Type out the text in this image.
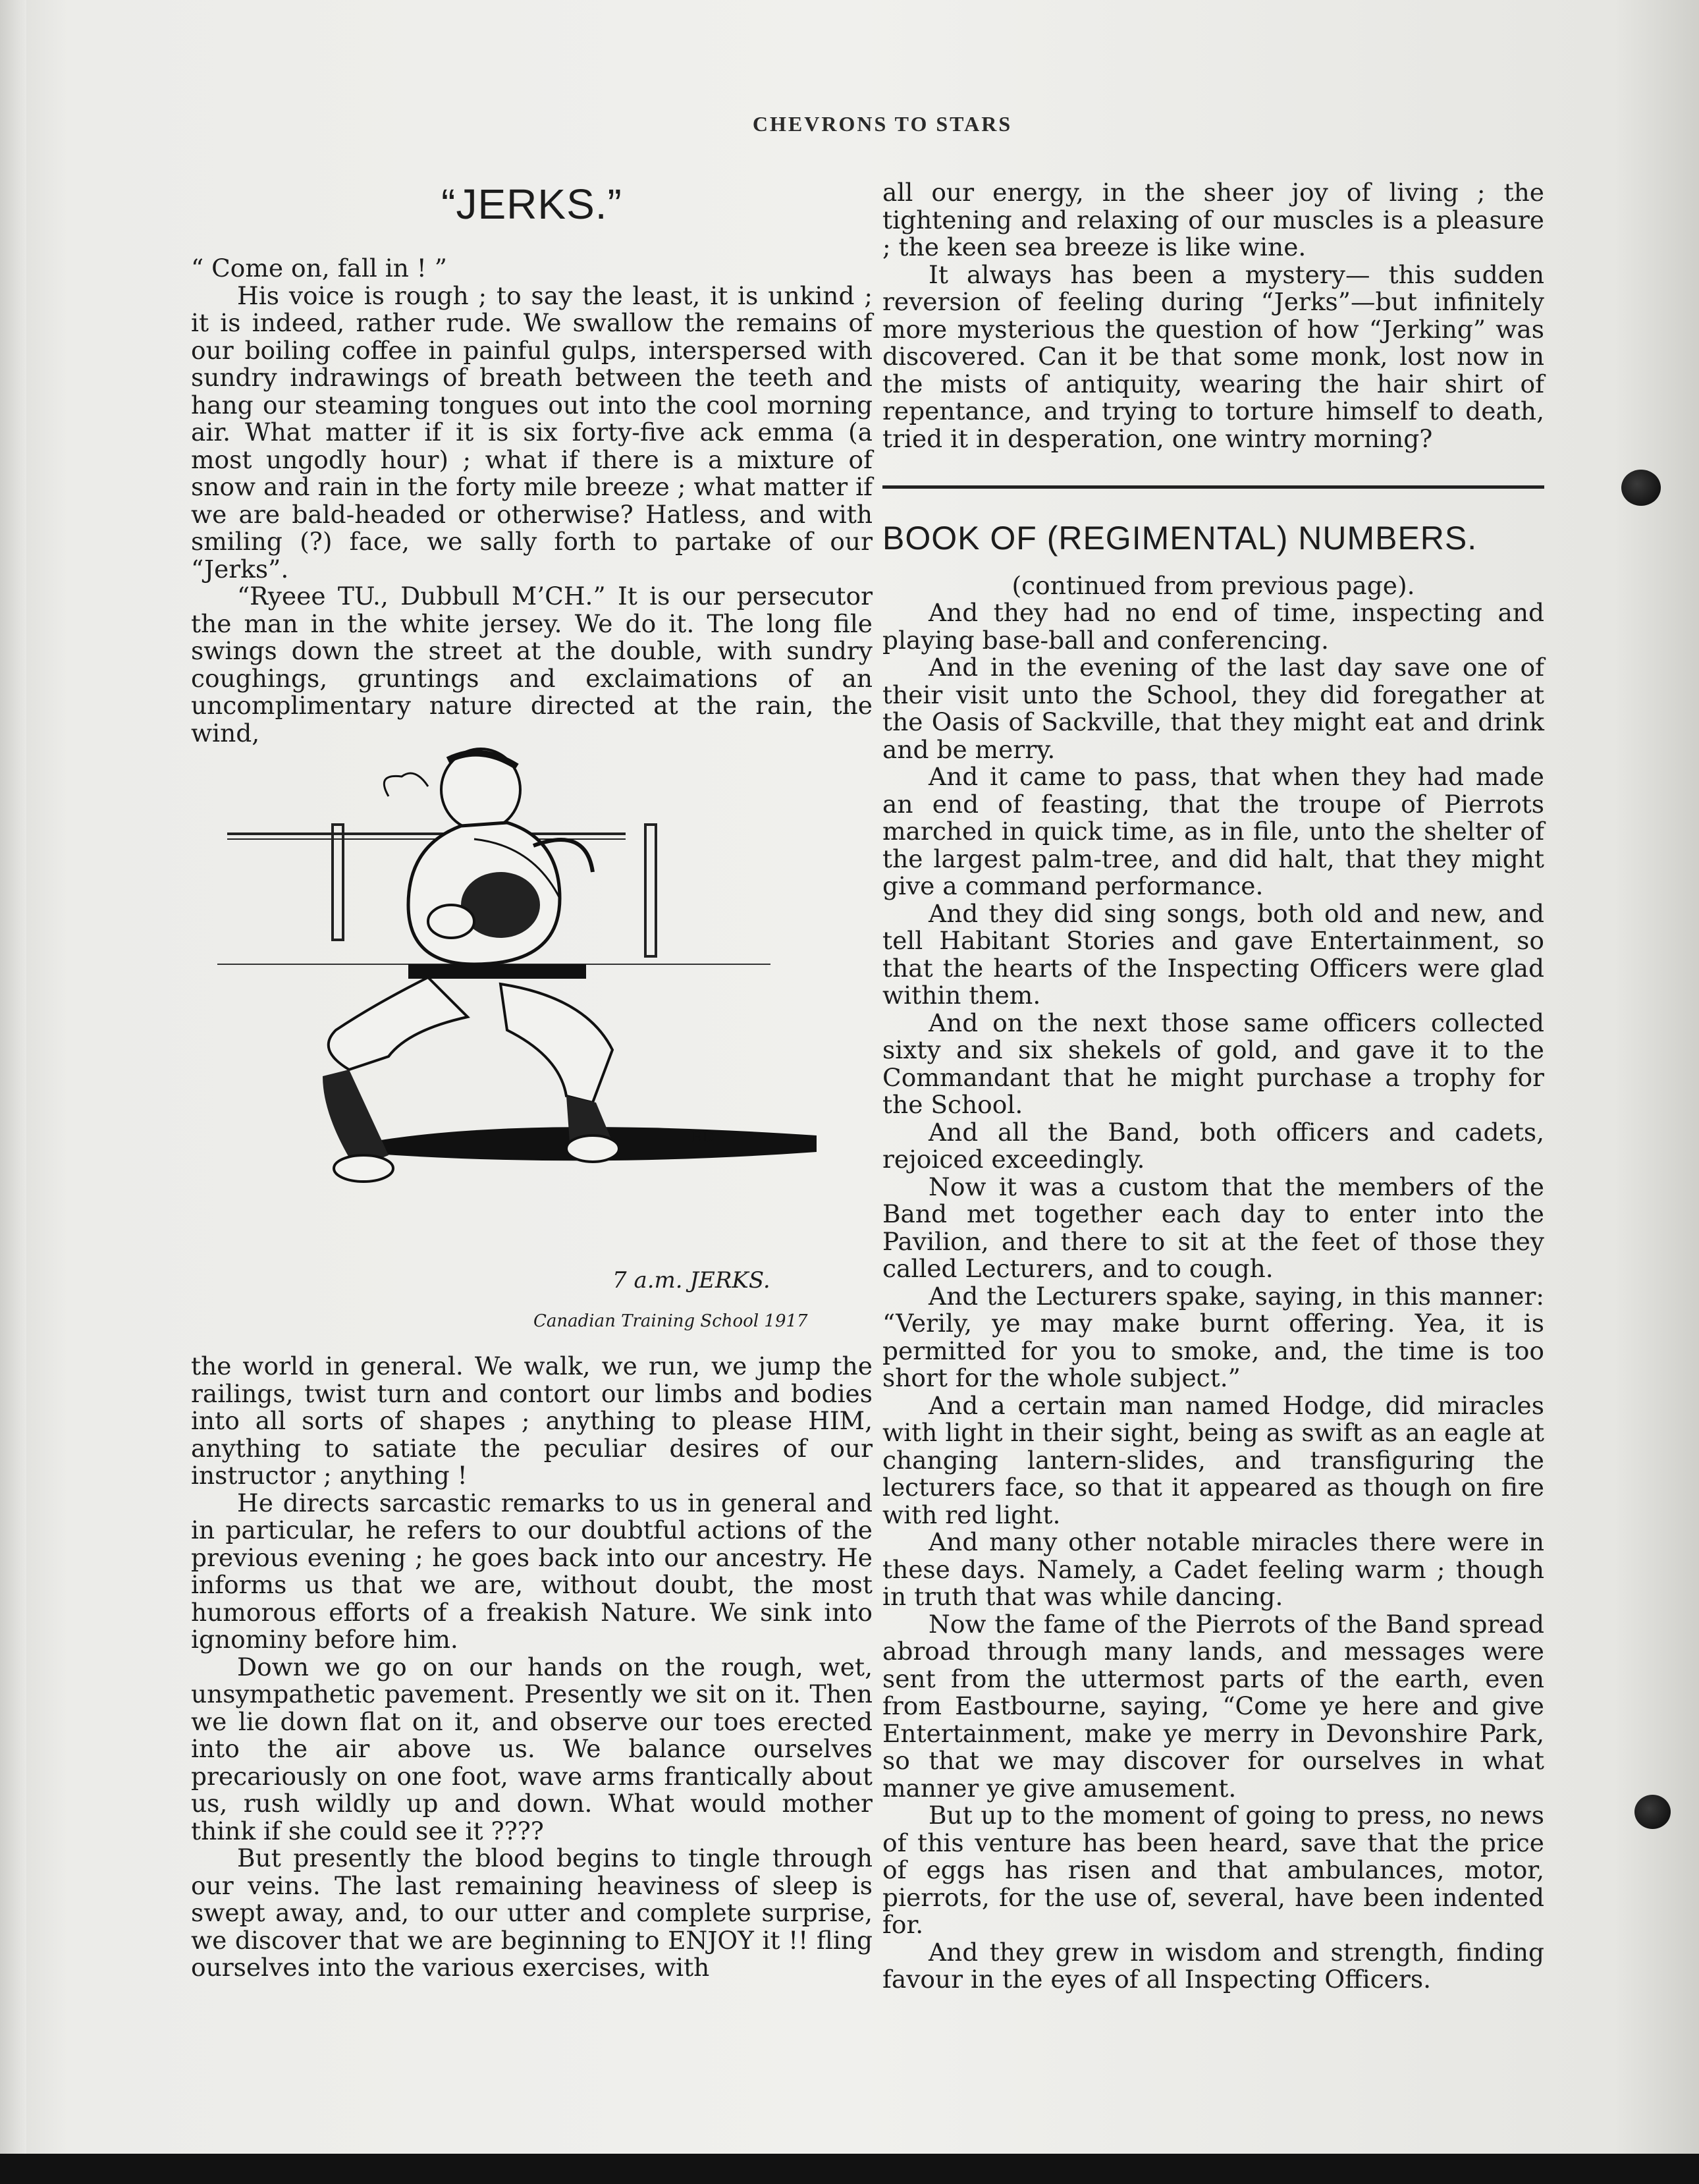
CHEVRONS TO STARS
“JERKS.”

“ Come on, fall in ! ”

His voice is rough ; to say the least, it is unkind ; it is indeed, rather rude. We swallow the remains of our boiling coffee in painful gulps, interspersed with sundry indrawings of breath between the teeth and hang our steaming tongues out into the cool morning air. What matter if it is six forty-five ack emma (a most ungodly hour) ; what if there is a mixture of snow and rain in the forty mile breeze ; what matter if we are bald-headed or otherwise? Hatless, and with smiling (?) face, we sally forth to partake of our “Jerks”.

“Ryeee TU., Dubbull M’CH.” It is our persecutor the man in the white jersey. We do it. The long file swings down the street at the double, with sundry coughings, gruntings and exclaimations of an uncomplimentary nature directed at the rain, the wind,

ED
7 a.m. JERKS.
Canadian Training School 1917

the world in general. We walk, we run, we jump the railings, twist turn and contort our limbs and bodies into all sorts of shapes ; anything to please HIM, anything to satiate the peculiar desires of our instructor ; anything !

He directs sarcastic remarks to us in general and in particular, he refers to our doubtful actions of the previous evening ; he goes back into our ancestry. He informs us that we are, without doubt, the most humorous efforts of a freakish Nature. We sink into ignominy before him.

Down we go on our hands on the rough, wet, unsympathetic pavement. Presently we sit on it. Then we lie down flat on it, and observe our toes erected into the air above us. We balance ourselves precariously on one foot, wave arms frantically about us, rush wildly up and down. What would mother think if she could see it ????

But presently the blood begins to tingle through our veins. The last remaining heaviness of sleep is swept away, and, to our utter and complete surprise, we discover that we are beginning to ENJOY it !! fling ourselves into the various exercises, with

all our energy, in the sheer joy of living ; the tightening and relaxing of our muscles is a pleasure ; the keen sea breeze is like wine.

It always has been a mystery— this sudden reversion of feeling during “Jerks”—but infinitely more mysterious the question of how “Jerking” was discovered. Can it be that some monk, lost now in the mists of antiquity, wearing the hair shirt of repentance, and trying to torture himself to death, tried it in desperation, one wintry morning?

BOOK OF (REGIMENTAL) NUMBERS.

(continued from previous page).

And they had no end of time, inspecting and playing base-ball and conferencing.

And in the evening of the last day save one of their visit unto the School, they did foregather at the Oasis of Sackville, that they might eat and drink and be merry.

And it came to pass, that when they had made an end of feasting, that the troupe of Pierrots marched in quick time, as in file, unto the shelter of the largest palm-tree, and did halt, that they might give a command performance.

And they did sing songs, both old and new, and tell Habitant Stories and gave Entertainment, so that the hearts of the Inspecting Officers were glad within them.

And on the next those same officers collected sixty and six shekels of gold, and gave it to the Commandant that he might purchase a trophy for the School.

And all the Band, both officers and cadets, rejoiced exceedingly.

Now it was a custom that the members of the Band met together each day to enter into the Pavilion, and there to sit at the feet of those they called Lecturers, and to cough.

And the Lecturers spake, saying, in this manner: “Verily, ye may make burnt offering. Yea, it is permitted for you to smoke, and, the time is too short for the whole subject.”

And a certain man named Hodge, did miracles with light in their sight, being as swift as an eagle at changing lantern-slides, and transfiguring the lecturers face, so that it appeared as though on fire with red light.

And many other notable miracles there were in these days. Namely, a Cadet feeling warm ; though in truth that was while dancing.

Now the fame of the Pierrots of the Band spread abroad through many lands, and messages were sent from the uttermost parts of the earth, even from Eastbourne, saying, “Come ye here and give Entertainment, make ye merry in Devonshire Park, so that we may discover for ourselves in what manner ye give amusement.

But up to the moment of going to press, no news of this venture has been heard, save that the price of eggs has risen and that ambulances, motor, pierrots, for the use of, several, have been indented for.

And they grew in wisdom and strength, finding favour in the eyes of all Inspecting Officers.
